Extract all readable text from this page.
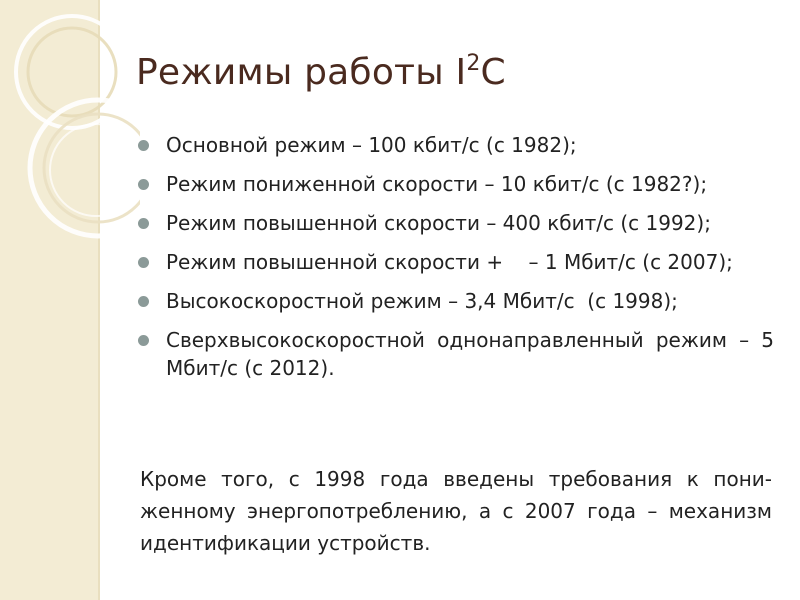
Режимы работы $I^2C$
Основной режим – 100 кбит/с (с 1982);
Режим пониженной скорости – 10 кбит/с (с 1982?);
Режим повышенной скорости – 400 кбит/с (с 1992);
Режим повышенной скорости +    – 1 Мбит/с (с 2007);
Высокоскоростной режим – 3,4 Мбит/с  (с 1998);
Сверхвысокоскоростной однонаправленный режим – 5 Мбит/с (с 2012).

Кроме того, с 1998 года введены требования к пони-женному энергопотреблению, а с 2007 года – механизм идентификации устройств.
